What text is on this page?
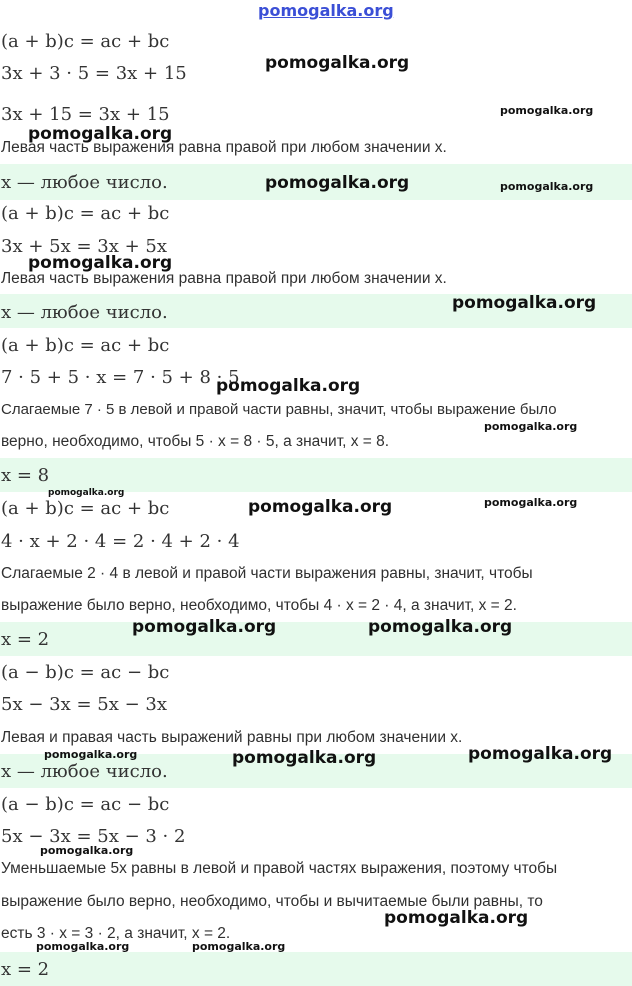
pomogalka.org
(a + b)c = ac + bc
3x + 3 · 5 = 3x + 15
3x + 15 = 3x + 15
Левая часть выражения равна правой при любом значении x.
x — любое число.
(a + b)c = ac + bc
3x + 5x = 3x + 5x
Левая часть выражения равна правой при любом значении x.
x — любое число.
(a + b)c = ac + bc
7 · 5 + 5 · x = 7 · 5 + 8 · 5
Слагаемые 7 · 5 в левой и правой части равны, значит, чтобы выражение было
верно, необходимо, чтобы 5 · x = 8 · 5, а значит, x = 8.
x = 8
(a + b)c = ac + bc
4 · x + 2 · 4 = 2 · 4 + 2 · 4
Слагаемые 2 · 4 в левой и правой части выражения равны, значит, чтобы
выражение было верно, необходимо, чтобы 4 · x = 2 · 4, а значит, x = 2.
x = 2
(a − b)c = ac − bc
5x − 3x = 5x − 3x
Левая и правая часть выражений равны при любом значении x.
x — любое число.
(a − b)c = ac − bc
5x − 3x = 5x − 3 · 2
Уменьшаемые 5x равны в левой и правой частях выражения, поэтому чтобы
выражение было верно, необходимо, чтобы и вычитаемые были равны, то
есть 3 · x = 3 · 2, а значит, x = 2.
x = 2
pomogalka.org
pomogalka.org
pomogalka.org
pomogalka.org	pomogalka.org
pomogalka.org
pomogalka.org
pomogalka.org
pomogalka.org
pomogalka.org
pomogalka.org	pomogalka.org
pomogalka.org	pomogalka.org
pomogalka.org	pomogalka.org	pomogalka.org
pomogalka.org
pomogalka.org
pomogalka.org	pomogalka.org
